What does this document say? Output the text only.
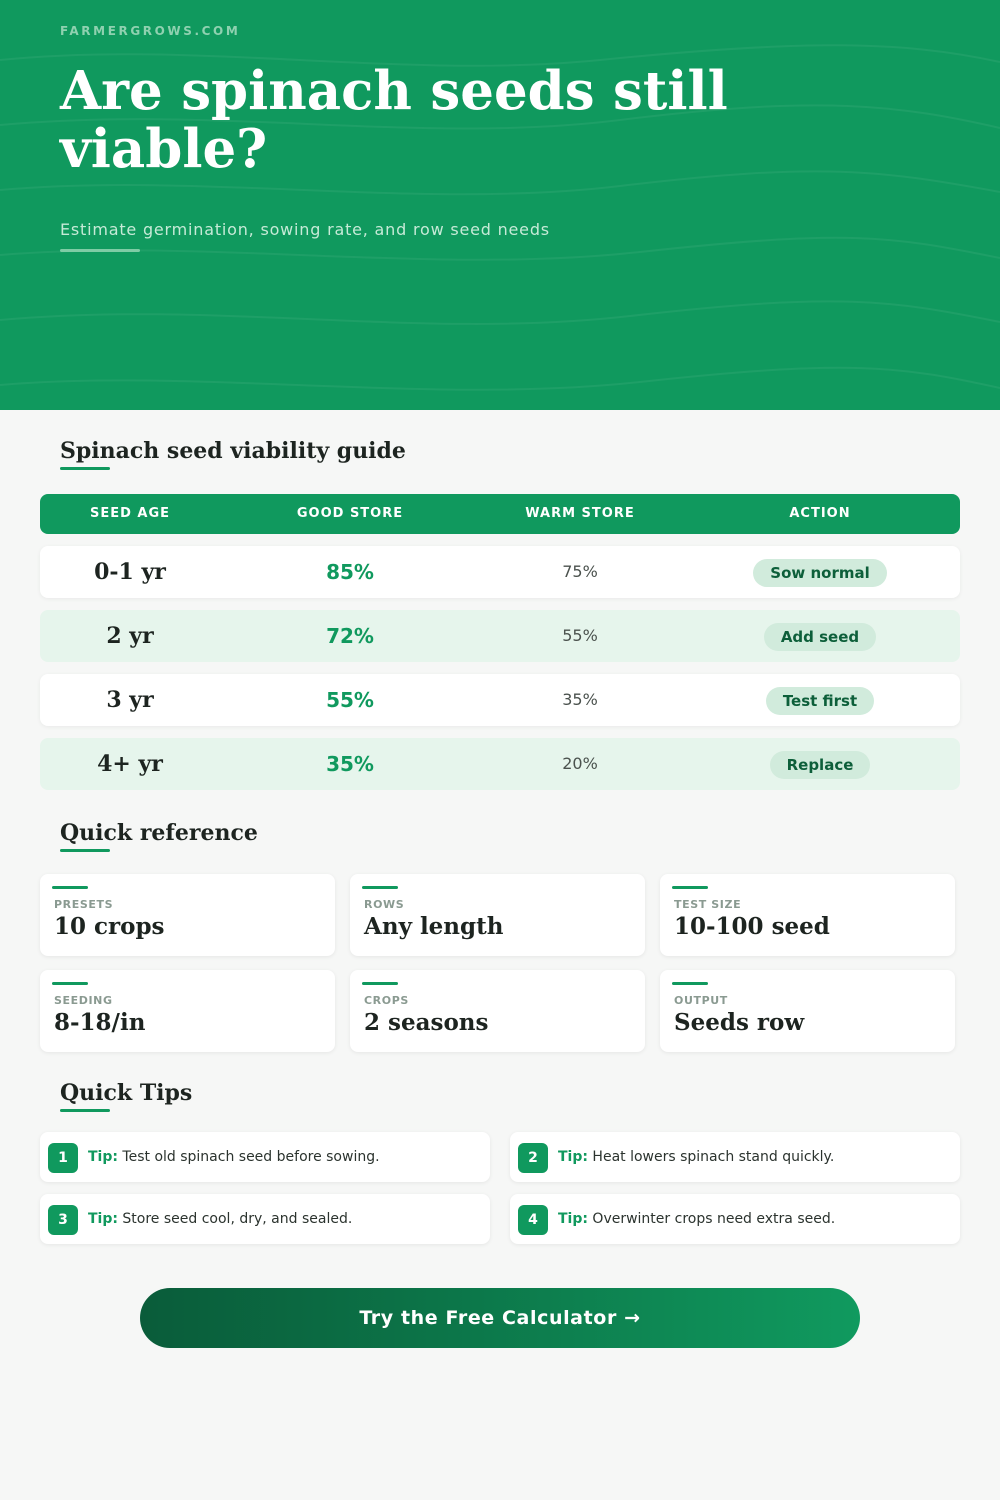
FARMERGROWS.COM
Are spinach seeds still viable?
Estimate germination, sowing rate, and row seed needs
Spinach seed viability guide
SEED AGE	GOOD STORE	WARM STORE	ACTION
0-1 yr	85%	75%	Sow normal
2 yr	72%	55%	Add seed
3 yr	55%	35%	Test first
4+ yr	35%	20%	Replace
Quick reference
PRESETS
10 crops
ROWS
Any length
TEST SIZE
10-100 seed
SEEDING
8-18/in
CROPS
2 seasons
OUTPUT
Seeds row
Quick Tips
1	Tip: Test old spinach seed before sowing.	2	Tip: Heat lowers spinach stand quickly.
3	Tip: Store seed cool, dry, and sealed.	4	Tip: Overwinter crops need extra seed.
Try the Free Calculator →
